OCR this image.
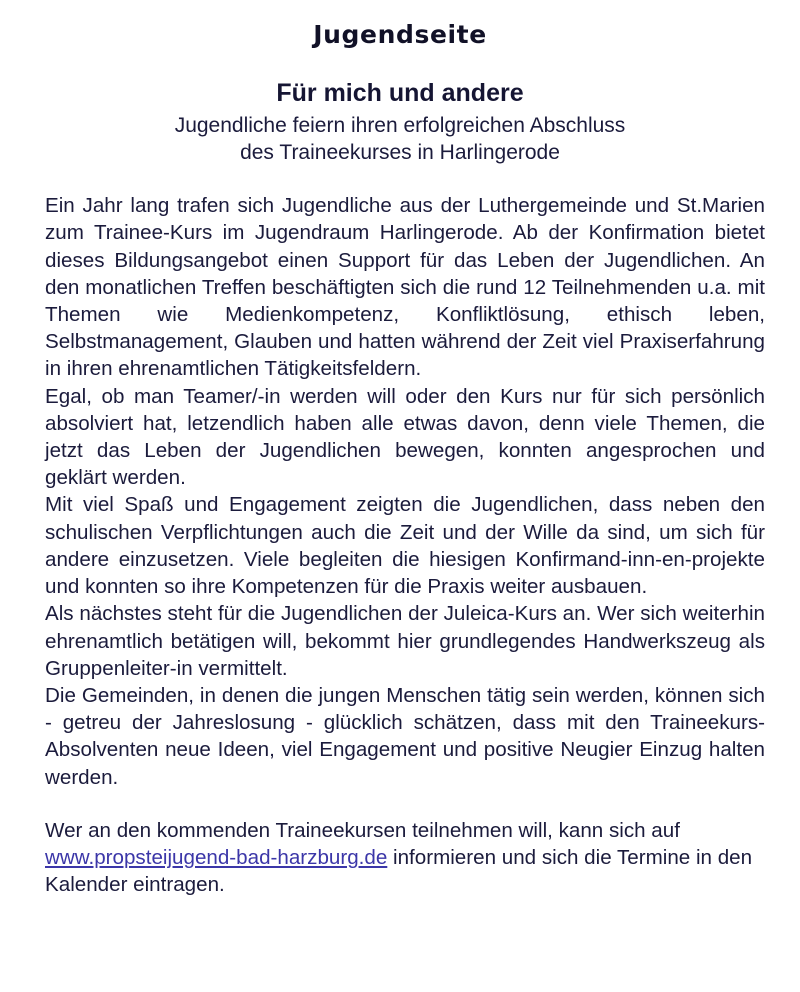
Jugendseite
Für mich und andere
Jugendliche feiern ihren erfolgreichen Abschluss
des Traineekurses in Harlingerode

Ein Jahr lang trafen sich Jugendliche aus der Luthergemeinde und St.Marien zum Trainee-Kurs im Jugendraum Harlingerode. Ab der Konfirmation bietet dieses Bildungsangebot einen Support für das Leben der Jugendlichen. An den monatlichen Treffen beschäftigten sich die rund 12 Teilnehmenden u.a. mit Themen wie Medienkompetenz, Konfliktlösung, ethisch leben, Selbstmanagement, Glauben und hatten während der Zeit viel Praxiserfahrung in ihren ehrenamtlichen Tätigkeitsfeldern.

Egal, ob man Teamer/-in werden will oder den Kurs nur für sich persönlich absolviert hat, letzendlich haben alle etwas davon, denn viele Themen, die jetzt das Leben der Jugendlichen bewegen, konnten angesprochen und geklärt werden.

Mit viel Spaß und Engagement zeigten die Jugendlichen, dass neben den schulischen Verpflichtungen auch die Zeit und der Wille da sind, um sich für andere einzusetzen. Viele begleiten die hiesigen Konfirmand-inn-en-projekte und konnten so ihre Kompetenzen für die Praxis weiter ausbauen.

Als nächstes steht für die Jugendlichen der Juleica-Kurs an. Wer sich weiterhin ehrenamtlich betätigen will, bekommt hier grundlegendes Handwerkszeug als Gruppenleiter-in vermittelt.

Die Gemeinden, in denen die jungen Menschen tätig sein werden, können sich - getreu der Jahreslosung - glücklich schätzen, dass mit den Traineekurs-Absolventen neue Ideen, viel Engagement und positive Neugier Einzug halten werden.

Wer an den kommenden Traineekursen teilnehmen will, kann sich auf www.propsteijugend-bad-harzburg.de informieren und sich die Termine in den Kalender eintragen.
